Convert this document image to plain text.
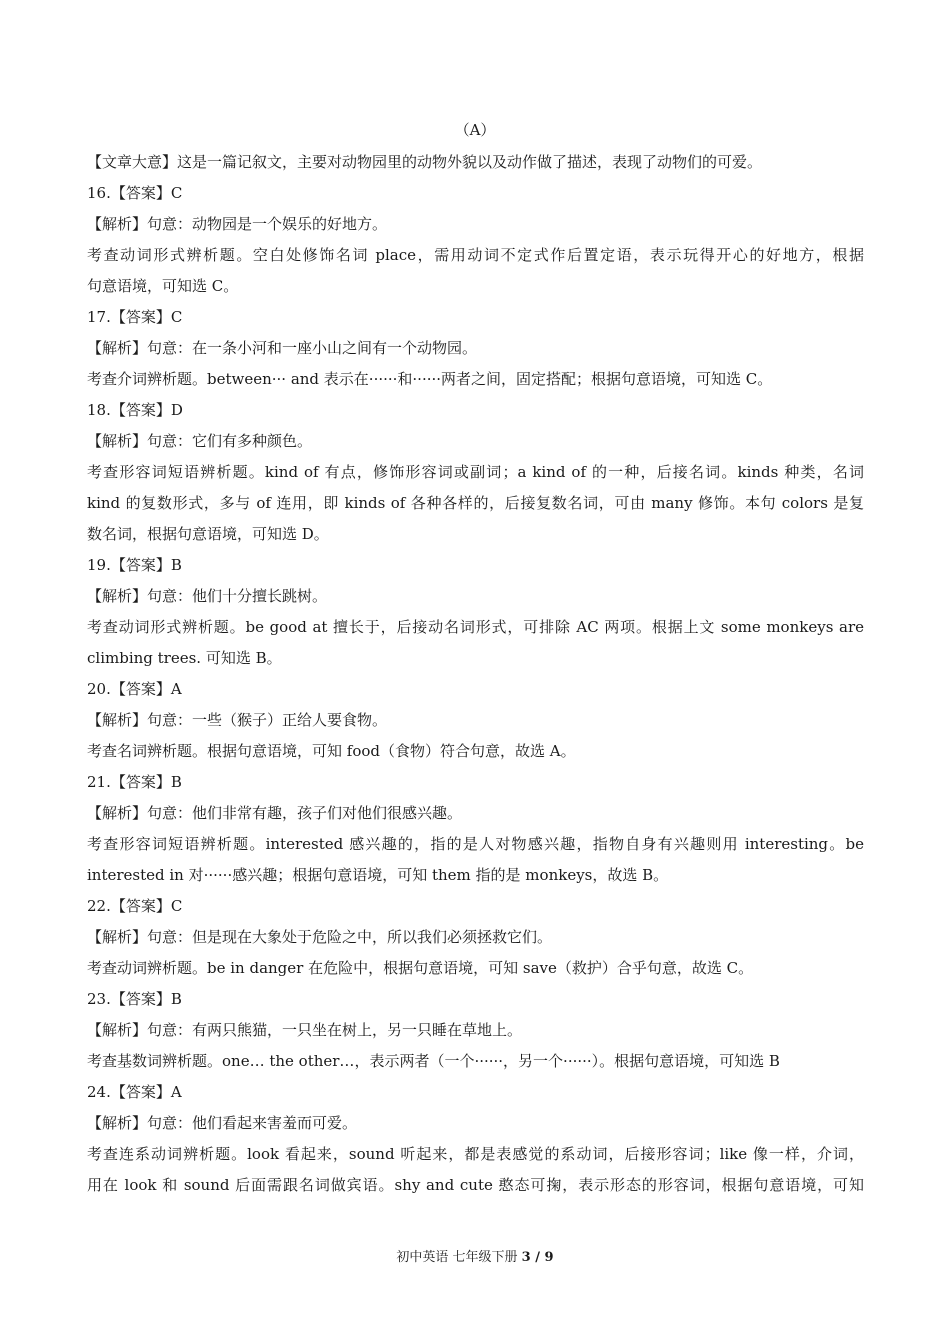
（A）
【文章大意】这是一篇记叙文，主要对动物园里的动物外貌以及动作做了描述，表现了动物们的可爱。
16.【答案】C
【解析】句意：动物园是一个娱乐的好地方。
考查动词形式辨析题。空白处修饰名词 place，需用动词不定式作后置定语，表示玩得开心的好地方，根据
句意语境，可知选 C。
17.【答案】C
【解析】句意：在一条小河和一座小山之间有一个动物园。
考查介词辨析题。between··· and 表示在······和······两者之间，固定搭配；根据句意语境，可知选 C。
18.【答案】D
【解析】句意：它们有多种颜色。
考查形容词短语辨析题。kind of 有点，修饰形容词或副词；a kind of 的一种，后接名词。kinds 种类，名词
kind 的复数形式，多与 of 连用，即 kinds of 各种各样的，后接复数名词，可由 many 修饰。本句 colors 是复
数名词，根据句意语境，可知选 D。
19.【答案】B
【解析】句意：他们十分擅长跳树。
考查动词形式辨析题。be good at 擅长于，后接动名词形式，可排除 AC 两项。根据上文 some monkeys are
climbing trees. 可知选 B。
20.【答案】A
【解析】句意：一些（猴子）正给人要食物。
考查名词辨析题。根据句意语境，可知 food（食物）符合句意，故选 A。
21.【答案】B
【解析】句意：他们非常有趣，孩子们对他们很感兴趣。
考查形容词短语辨析题。interested 感兴趣的，指的是人对物感兴趣，指物自身有兴趣则用 interesting。be
interested in 对······感兴趣；根据句意语境，可知 them 指的是 monkeys，故选 B。
22.【答案】C
【解析】句意：但是现在大象处于危险之中，所以我们必须拯救它们。
考查动词辨析题。be in danger 在危险中，根据句意语境，可知 save（救护）合乎句意，故选 C。
23.【答案】B
【解析】句意：有两只熊猫，一只坐在树上，另一只睡在草地上。
考查基数词辨析题。one… the other…，表示两者（一个······，另一个······）。根据句意语境，可知选 B
24.【答案】A
【解析】句意：他们看起来害羞而可爱。
考查连系动词辨析题。look 看起来，sound 听起来，都是表感觉的系动词，后接形容词；like 像一样，介词，
用在 look 和 sound 后面需跟名词做宾语。shy and cute 憨态可掬，表示形态的形容词，根据句意语境，可知
初中英语 七年级下册 3 / 9
